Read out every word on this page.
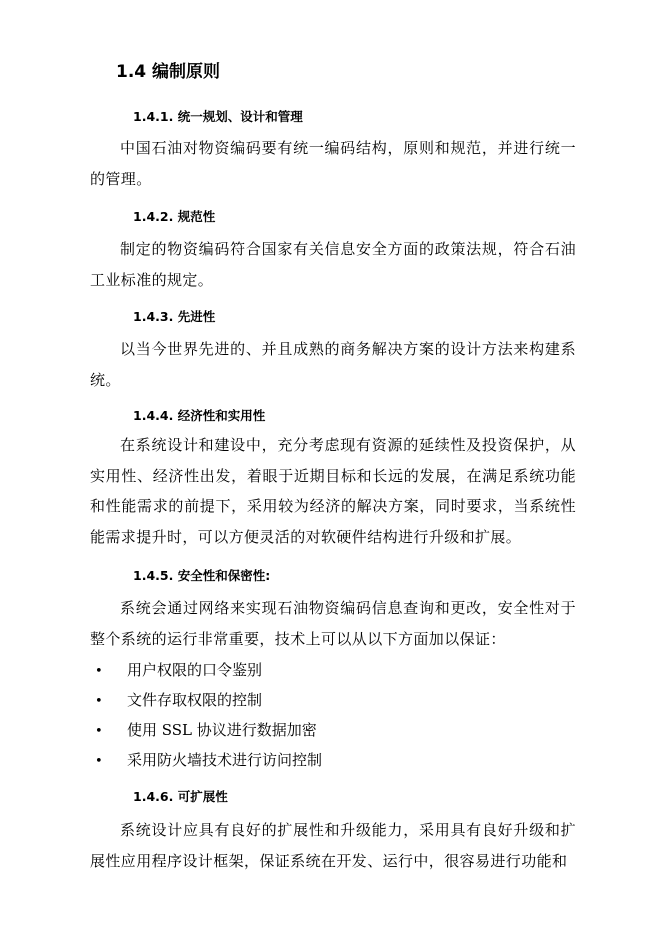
1.4 编制原则
1.4.1. 统一规划、设计和管理
中国石油对物资编码要有统一编码结构，原则和规范，并进行统一的管理。
1.4.2. 规范性
制定的物资编码符合国家有关信息安全方面的政策法规，符合石油工业标准的规定。
1.4.3. 先进性
以当今世界先进的、并且成熟的商务解决方案的设计方法来构建系统。
1.4.4. 经济性和实用性
在系统设计和建设中，充分考虑现有资源的延续性及投资保护，从实用性、经济性出发，着眼于近期目标和长远的发展，在满足系统功能和性能需求的前提下，采用较为经济的解决方案，同时要求，当系统性能需求提升时，可以方便灵活的对软硬件结构进行升级和扩展。
1.4.5. 安全性和保密性:
系统会通过网络来实现石油物资编码信息查询和更改，安全性对于整个系统的运行非常重要，技术上可以从以下方面加以保证：
• 用户权限的口令鉴别
• 文件存取权限的控制
• 使用 SSL 协议进行数据加密
• 采用防火墙技术进行访问控制
1.4.6. 可扩展性
系统设计应具有良好的扩展性和升级能力，采用具有良好升级和扩展性应用程序设计框架，保证系统在开发、运行中，很容易进行功能和
